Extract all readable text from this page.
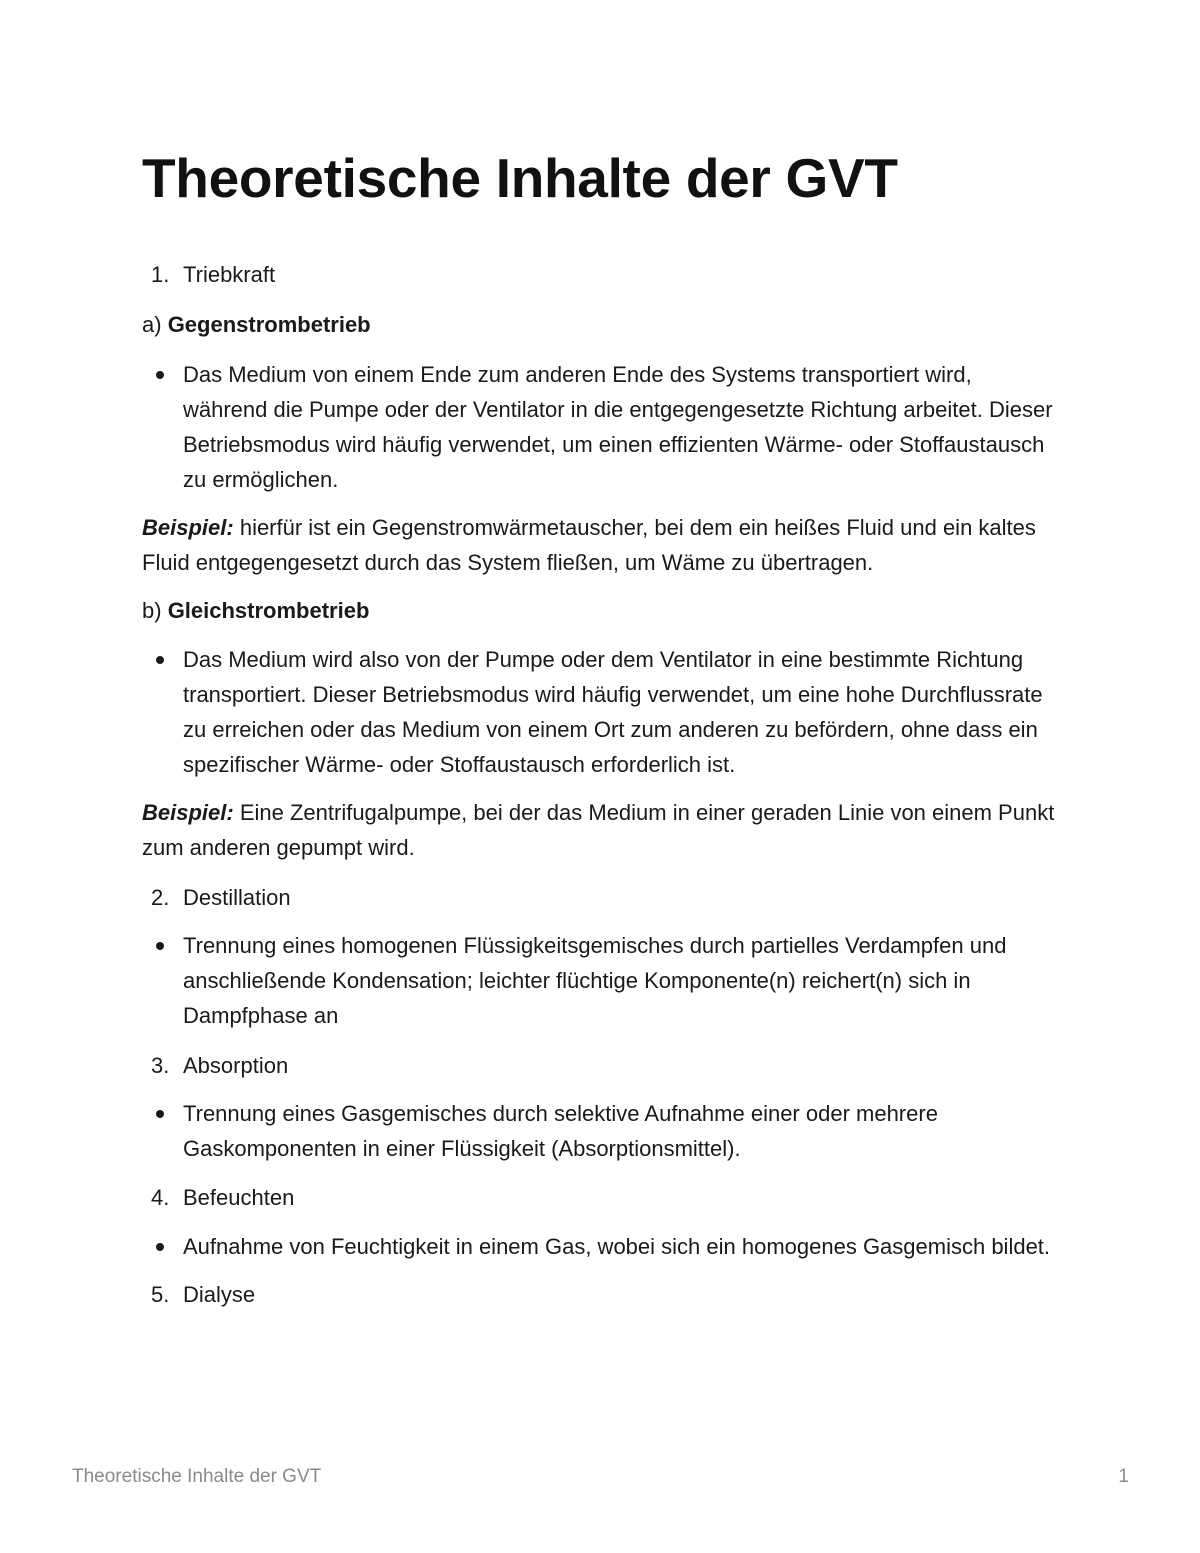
Theoretische Inhalte der GVT
1. Triebkraft
a) Gegenstrombetrieb
Das Medium von einem Ende zum anderen Ende des Systems transportiert wird, während die Pumpe oder der Ventilator in die entgegengesetzte Richtung arbeitet. Dieser Betriebsmodus wird häufig verwendet, um einen effizienten Wärme- oder Stoffaustausch zu ermöglichen.
Beispiel: hierfür ist ein Gegenstromwärmetauscher, bei dem ein heißes Fluid und ein kaltes Fluid entgegengesetzt durch das System fließen, um Wäme zu übertragen.
b) Gleichstrombetrieb
Das Medium wird also von der Pumpe oder dem Ventilator in eine bestimmte Richtung transportiert. Dieser Betriebsmodus wird häufig verwendet, um eine hohe Durchflussrate zu erreichen oder das Medium von einem Ort zum anderen zu befördern, ohne dass ein spezifischer Wärme- oder Stoffaustausch erforderlich ist.
Beispiel: Eine Zentrifugalpumpe, bei der das Medium in einer geraden Linie von einem Punkt zum anderen gepumpt wird.
2. Destillation
Trennung eines homogenen Flüssigkeitsgemisches durch partielles Verdampfen und anschließende Kondensation; leichter flüchtige Komponente(n) reichert(n) sich in Dampfphase an
3. Absorption
Trennung eines Gasgemisches durch selektive Aufnahme einer oder mehrere Gaskomponenten in einer Flüssigkeit (Absorptionsmittel).
4. Befeuchten
Aufnahme von Feuchtigkeit in einem Gas, wobei sich ein homogenes Gasgemisch bildet.
5. Dialyse
Theoretische Inhalte der GVT	1
